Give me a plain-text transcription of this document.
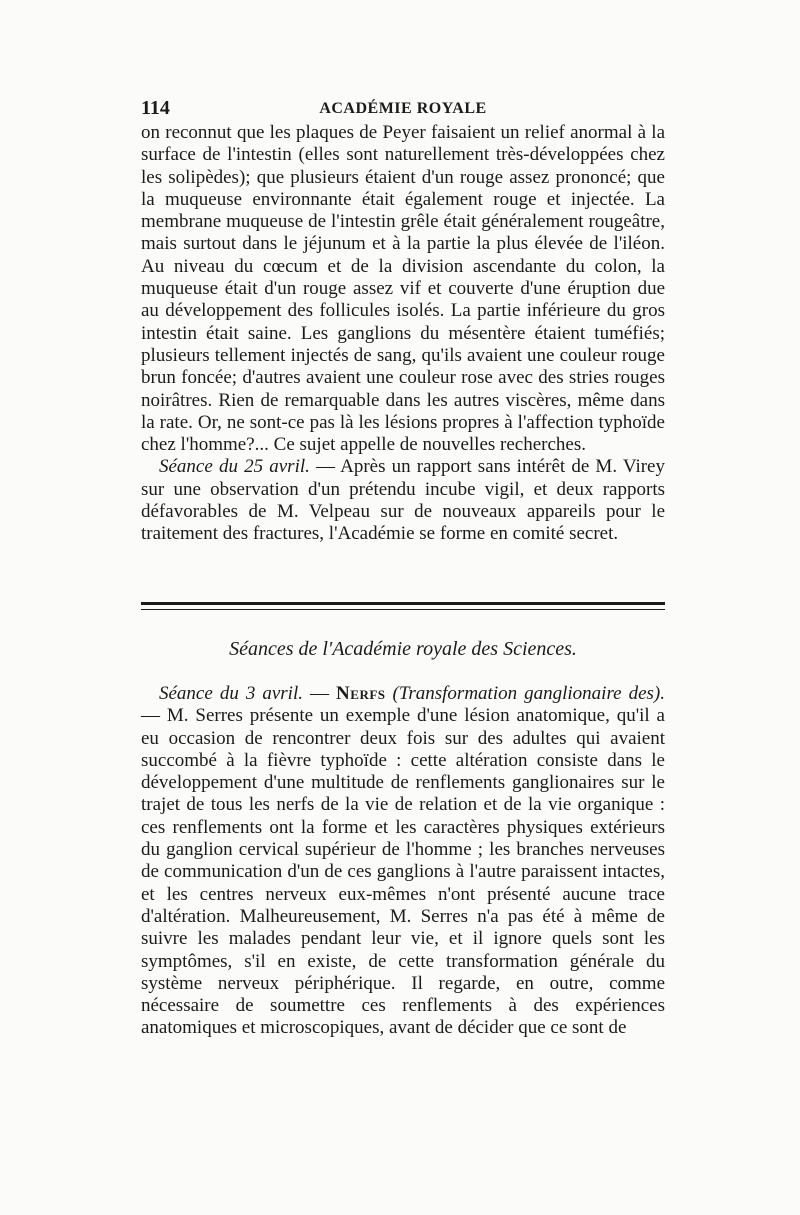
114	ACADÉMIE ROYALE

on reconnut que les plaques de Peyer faisaient un relief anormal à la surface de l'intestin (elles sont naturellement très-développées chez les solipèdes); que plusieurs étaient d'un rouge assez prononcé; que la muqueuse environnante était également rouge et injectée. La membrane muqueuse de l'intestin grêle était généralement rougeâtre, mais surtout dans le jéjunum et à la partie la plus élevée de l'iléon. Au niveau du cœcum et de la division ascendante du colon, la muqueuse était d'un rouge assez vif et couverte d'une éruption due au développement des follicules isolés. La partie inférieure du gros intestin était saine. Les ganglions du mésentère étaient tuméfiés; plusieurs tellement injectés de sang, qu'ils avaient une couleur rouge brun foncée; d'autres avaient une couleur rose avec des stries rouges noirâtres. Rien de remarquable dans les autres viscères, même dans la rate. Or, ne sont-ce pas là les lésions propres à l'affection typhoïde chez l'homme?... Ce sujet appelle de nouvelles recherches.

Séance du 25 avril. — Après un rapport sans intérêt de M. Virey sur une observation d'un prétendu incube vigil, et deux rapports défavorables de M. Velpeau sur de nouveaux appareils pour le traitement des fractures, l'Académie se forme en comité secret.

Séances de l'Académie royale des Sciences.

Séance du 3 avril. — Nerfs (Transformation ganglionaire des). — M. Serres présente un exemple d'une lésion anatomique, qu'il a eu occasion de rencontrer deux fois sur des adultes qui avaient succombé à la fièvre typhoïde : cette altération consiste dans le développement d'une multitude de renflements ganglionaires sur le trajet de tous les nerfs de la vie de relation et de la vie organique : ces renflements ont la forme et les caractères physiques extérieurs du ganglion cervical supérieur de l'homme ; les branches nerveuses de communication d'un de ces ganglions à l'autre paraissent intactes, et les centres nerveux eux-mêmes n'ont présenté aucune trace d'altération. Malheureusement, M. Serres n'a pas été à même de suivre les malades pendant leur vie, et il ignore quels sont les symptômes, s'il en existe, de cette transformation générale du système nerveux périphérique. Il regarde, en outre, comme nécessaire de soumettre ces renflements à des expériences anatomiques et microscopiques, avant de décider que ce sont de
